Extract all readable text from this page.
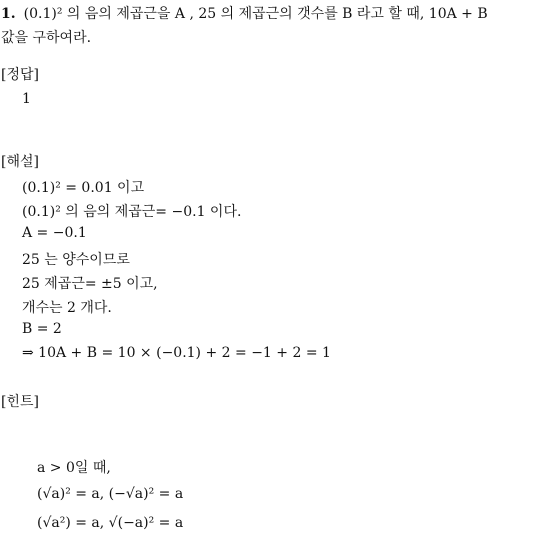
1. (0.1)² 의 음의 제곱근을 A , 25 의 제곱근의 갯수를 B 라고 할 때, 10A + B
값을 구하여라.
[정답]
1
[해설]
(0.1)² = 0.01 이고
(0.1)² 의 음의 제곱근= −0.1 이다.
A = −0.1
25 는 양수이므로
25 제곱근= ±5 이고,
개수는 2 개다.
B = 2
⇒ 10A + B = 10 × (−0.1) + 2 = −1 + 2 = 1
[힌트]
a > 0일 때,
(√a)² = a, (−√a)² = a
(√a²) = a, √(−a)² = a
